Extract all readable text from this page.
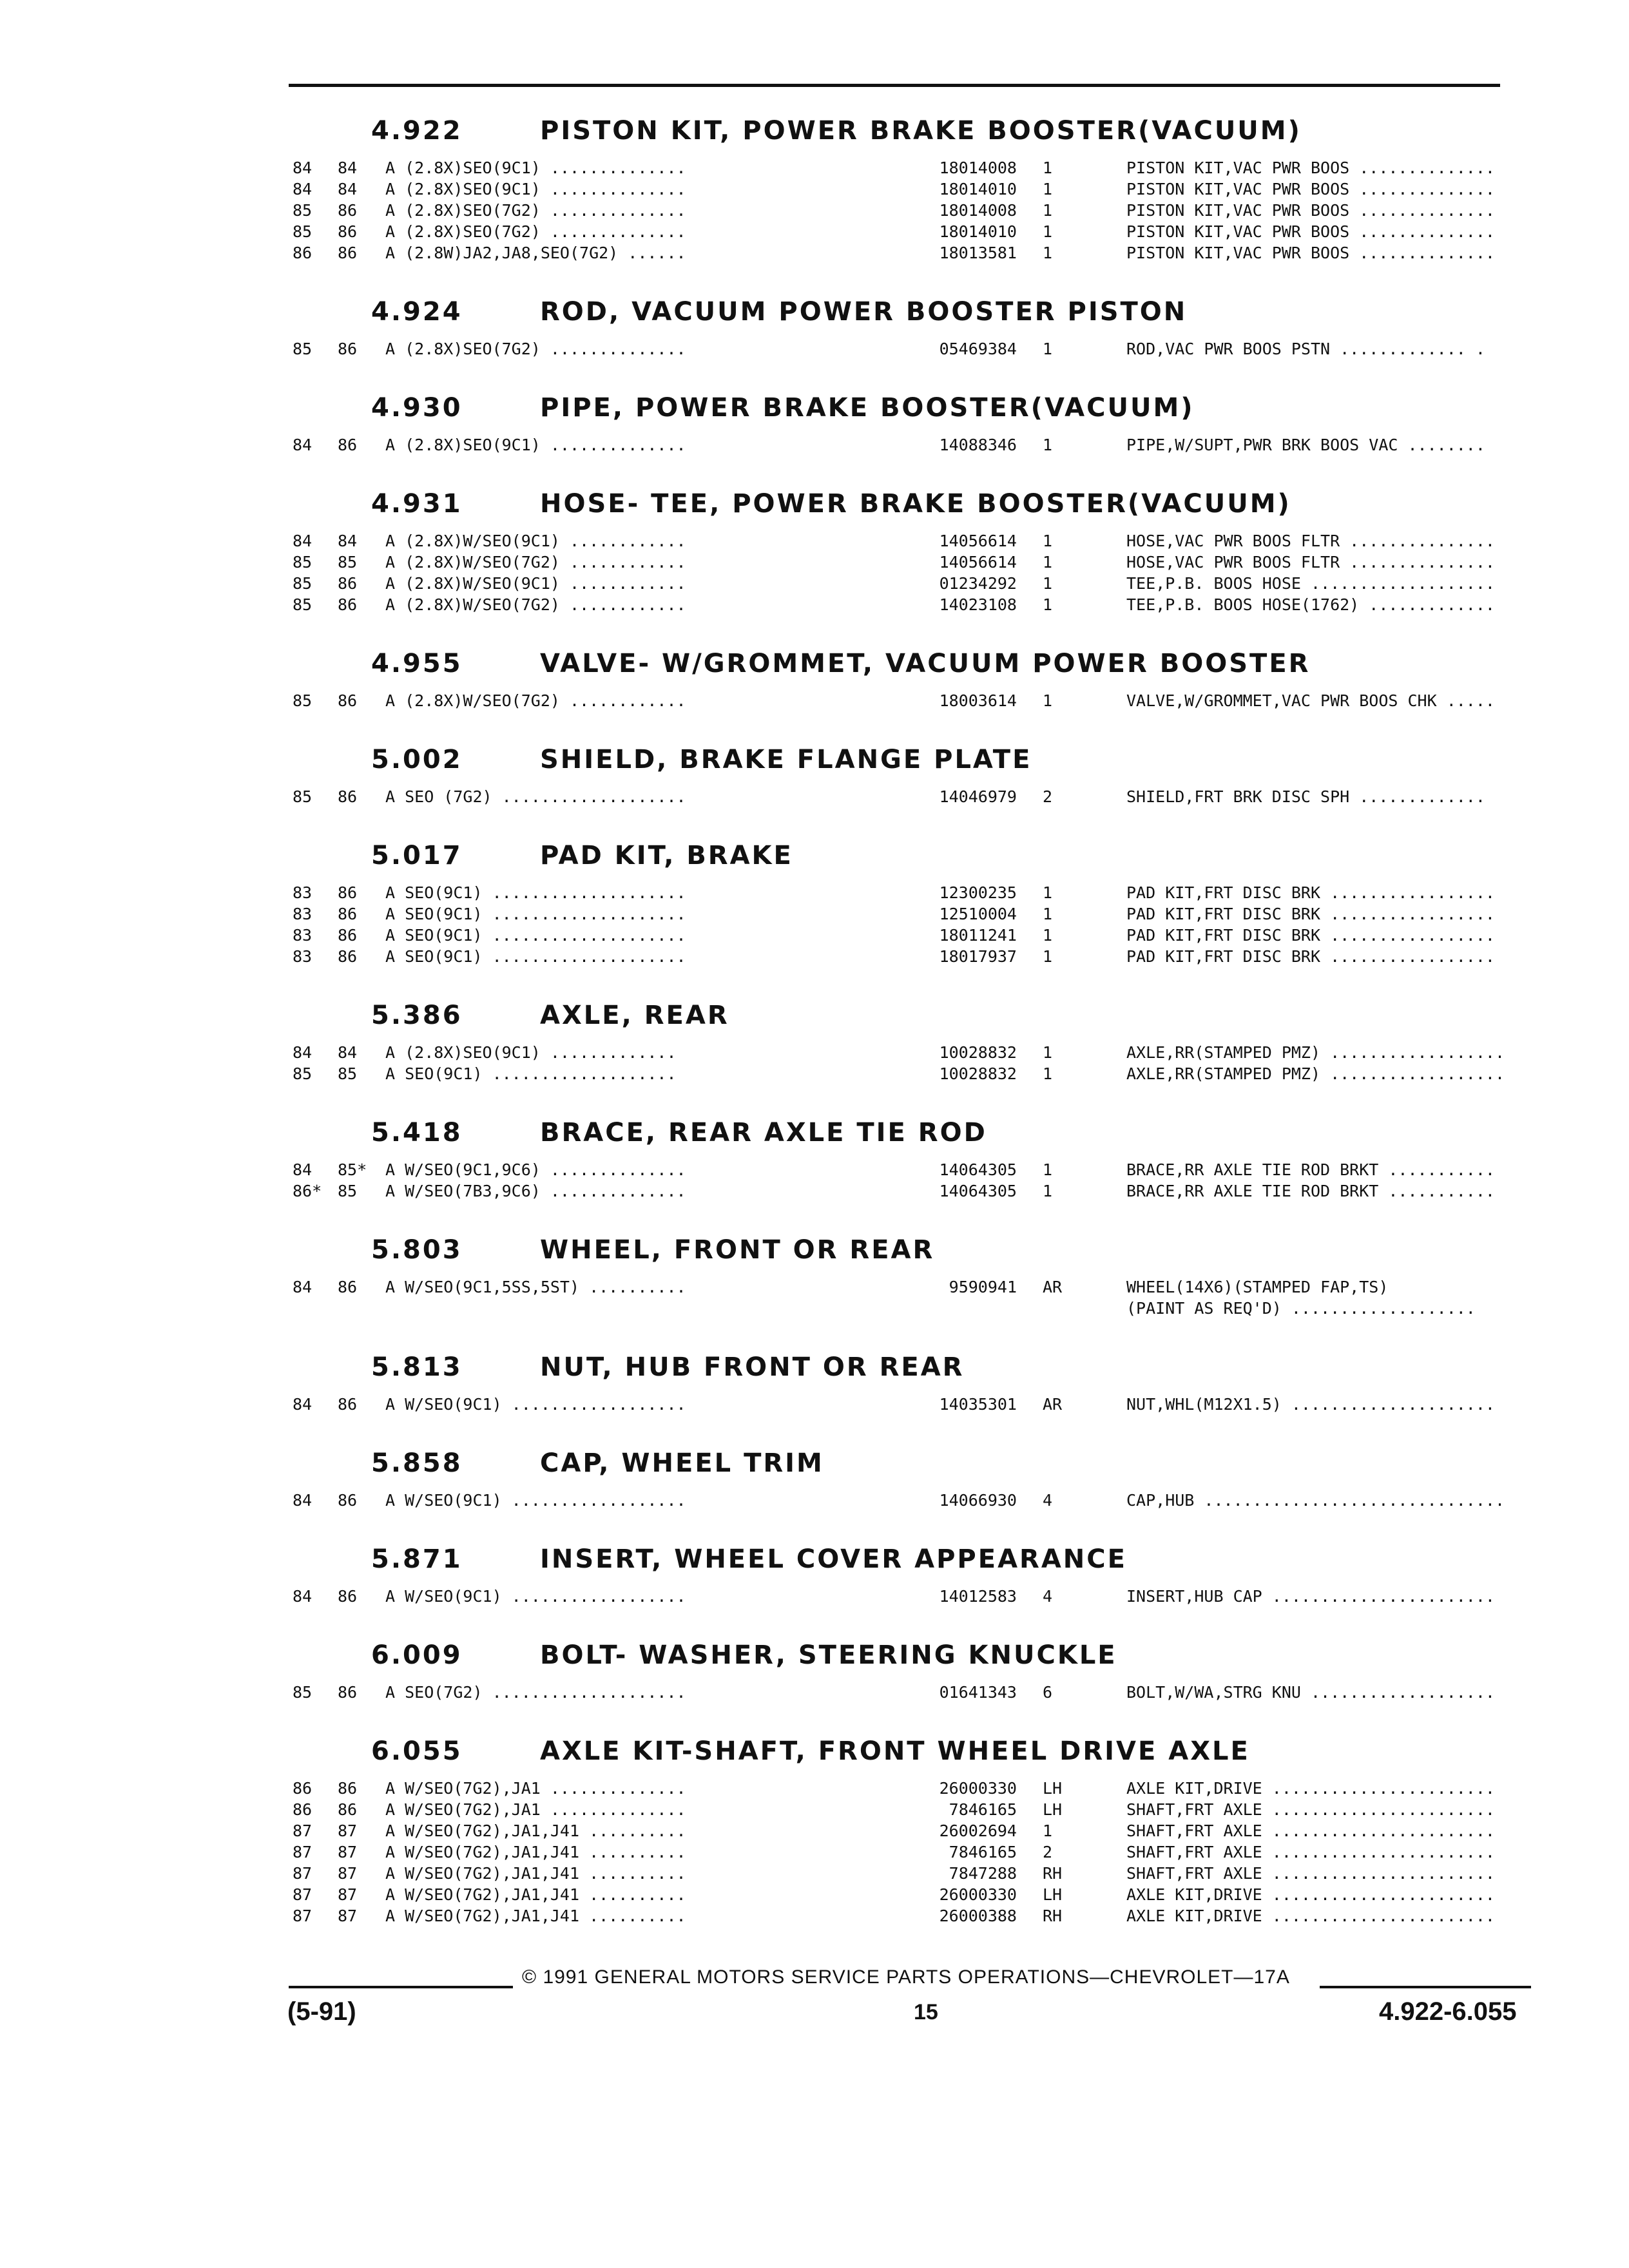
4.922	PISTON KIT, POWER BRAKE BOOSTER(VACUUM)
84 84 A (2.8X)SEO(9C1) ..............	18014008 1	PISTON KIT,VAC PWR BOOS ..............
84 84 A (2.8X)SEO(9C1) ..............	18014010 1	PISTON KIT,VAC PWR BOOS ..............
85 86 A (2.8X)SEO(7G2) ..............	18014008 1	PISTON KIT,VAC PWR BOOS ..............
85 86 A (2.8X)SEO(7G2) ..............	18014010 1	PISTON KIT,VAC PWR BOOS ..............
86 86 A (2.8W)JA2,JA8,SEO(7G2) ......	18013581 1	PISTON KIT,VAC PWR BOOS ..............
4.924	ROD, VACUUM POWER BOOSTER PISTON
85 86 A (2.8X)SEO(7G2) ..............	05469384 1	ROD,VAC PWR BOOS PSTN ............. .
4.930	PIPE, POWER BRAKE BOOSTER(VACUUM)
84 86 A (2.8X)SEO(9C1) ..............	14088346 1	PIPE,W/SUPT,PWR BRK BOOS VAC ........
4.931	HOSE- TEE, POWER BRAKE BOOSTER(VACUUM)
84 84 A (2.8X)W/SEO(9C1) ............	14056614 1	HOSE,VAC PWR BOOS FLTR ...............
85 85 A (2.8X)W/SEO(7G2) ............	14056614 1	HOSE,VAC PWR BOOS FLTR ...............
85 86 A (2.8X)W/SEO(9C1) ............	01234292 1	TEE,P.B. BOOS HOSE ...................
85 86 A (2.8X)W/SEO(7G2) ............	14023108 1	TEE,P.B. BOOS HOSE(1762) .............
4.955	VALVE- W/GROMMET, VACUUM POWER BOOSTER
85 86 A (2.8X)W/SEO(7G2) ............	18003614 1	VALVE,W/GROMMET,VAC PWR BOOS CHK .....
5.002	SHIELD, BRAKE FLANGE PLATE
85 86 A SEO (7G2) ...................	14046979 2	SHIELD,FRT BRK DISC SPH .............
5.017	PAD KIT, BRAKE
83 86 A SEO(9C1) ....................	12300235 1	PAD KIT,FRT DISC BRK .................
83 86 A SEO(9C1) ....................	12510004 1	PAD KIT,FRT DISC BRK .................
83 86 A SEO(9C1) ....................	18011241 1	PAD KIT,FRT DISC BRK .................
83 86 A SEO(9C1) ....................	18017937 1	PAD KIT,FRT DISC BRK .................
5.386	AXLE, REAR
84 84 A (2.8X)SEO(9C1) .............	10028832 1	AXLE,RR(STAMPED PMZ) ..................
85 85 A SEO(9C1) ...................	10028832 1	AXLE,RR(STAMPED PMZ) ..................
5.418	BRACE, REAR AXLE TIE ROD
84 85* A W/SEO(9C1,9C6) ..............	14064305 1	BRACE,RR AXLE TIE ROD BRKT ...........
86* 85 A W/SEO(7B3,9C6) ..............	14064305 1	BRACE,RR AXLE TIE ROD BRKT ...........
5.803	WHEEL, FRONT OR REAR
84 86 A W/SEO(9C1,5SS,5ST) ..........	9590941 AR	WHEEL(14X6)(STAMPED FAP,TS)
(PAINT AS REQ'D) ...................
5.813	NUT, HUB FRONT OR REAR
84 86 A W/SEO(9C1) ..................	14035301 AR	NUT,WHL(M12X1.5) .....................
5.858	CAP, WHEEL TRIM
84 86 A W/SEO(9C1) ..................	14066930 4	CAP,HUB ...............................
5.871	INSERT, WHEEL COVER APPEARANCE
84 86 A W/SEO(9C1) ..................	14012583 4	INSERT,HUB CAP .......................
6.009	BOLT- WASHER, STEERING KNUCKLE
85 86 A SEO(7G2) ....................	01641343 6	BOLT,W/WA,STRG KNU ...................
6.055	AXLE KIT-SHAFT, FRONT WHEEL DRIVE AXLE
86 86 A W/SEO(7G2),JA1 ..............	26000330 LH	AXLE KIT,DRIVE .......................
86 86 A W/SEO(7G2),JA1 ..............	7846165 LH	SHAFT,FRT AXLE .......................
87 87 A W/SEO(7G2),JA1,J41 ..........	26002694 1	SHAFT,FRT AXLE .......................
87 87 A W/SEO(7G2),JA1,J41 ..........	7846165 2	SHAFT,FRT AXLE .......................
87 87 A W/SEO(7G2),JA1,J41 ..........	7847288 RH	SHAFT,FRT AXLE .......................
87 87 A W/SEO(7G2),JA1,J41 ..........	26000330 LH	AXLE KIT,DRIVE .......................
87 87 A W/SEO(7G2),JA1,J41 ..........	26000388 RH	AXLE KIT,DRIVE .......................
© 1991 GENERAL MOTORS SERVICE PARTS OPERATIONS—CHEVROLET—17A
(5-91)	15	4.922-6.055
